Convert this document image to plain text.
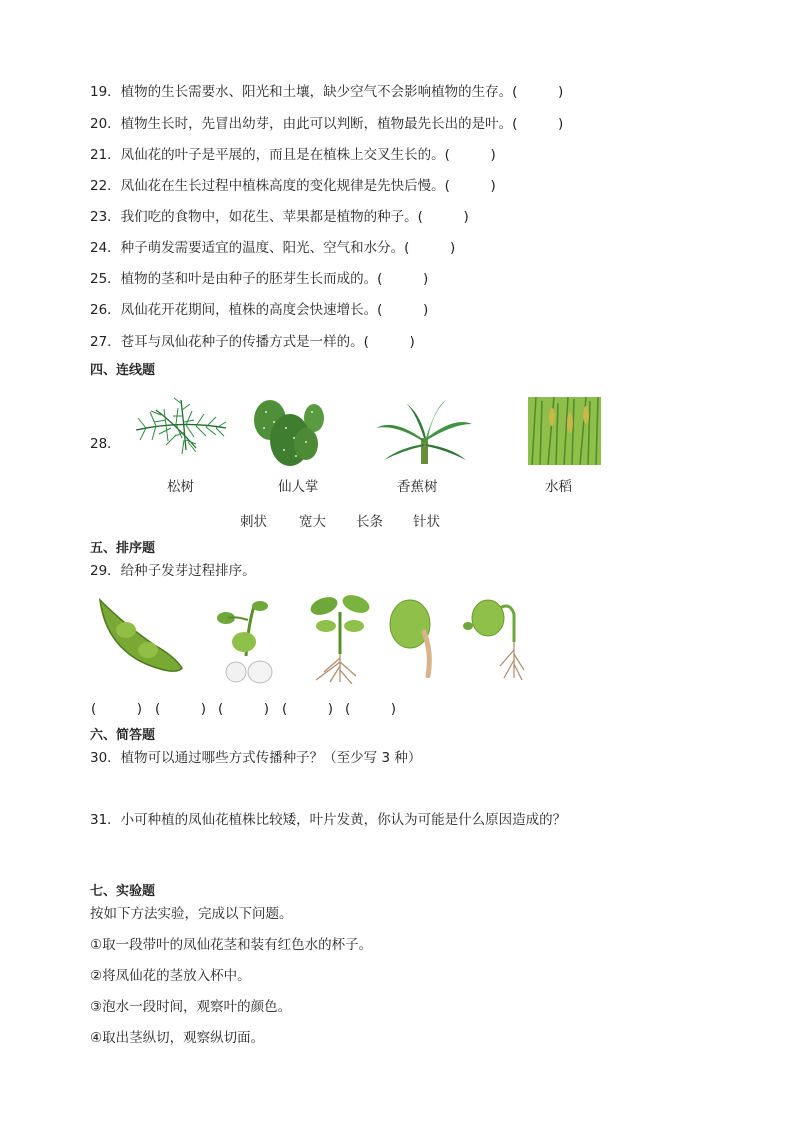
19．植物的生长需要水、阳光和土壤，缺少空气不会影响植物的生存。(　　　)
20．植物生长时，先冒出幼芽，由此可以判断，植物最先长出的是叶。(　　　)
21．凤仙花的叶子是平展的，而且是在植株上交叉生长的。(　　　)
22．凤仙花在生长过程中植株高度的变化规律是先快后慢。(　　　)
23．我们吃的食物中，如花生、苹果都是植物的种子。(　　　)
24．种子萌发需要适宜的温度、阳光、空气和水分。(　　　)
25．植物的茎和叶是由种子的胚芽生长而成的。(　　　)
26．凤仙花开花期间，植株的高度会快速增长。(　　　)
27．苍耳与凤仙花种子的传播方式是一样的。(　　　)
四、连线题
28．
松树	仙人掌	香蕉树	水稻
刺状 宽大 长条 针状
五、排序题
29．给种子发芽过程排序。
(　　　) (　　　) (　　　) (　　　) (　　　)
六、简答题
30．植物可以通过哪些方式传播种子？（至少写 3 种）
31．小可种植的凤仙花植株比较矮，叶片发黄，你认为可能是什么原因造成的？
七、实验题
按如下方法实验，完成以下问题。
①取一段带叶的凤仙花茎和装有红色水的杯子。
②将凤仙花的茎放入杯中。
③泡水一段时间，观察叶的颜色。
④取出茎纵切，观察纵切面。
